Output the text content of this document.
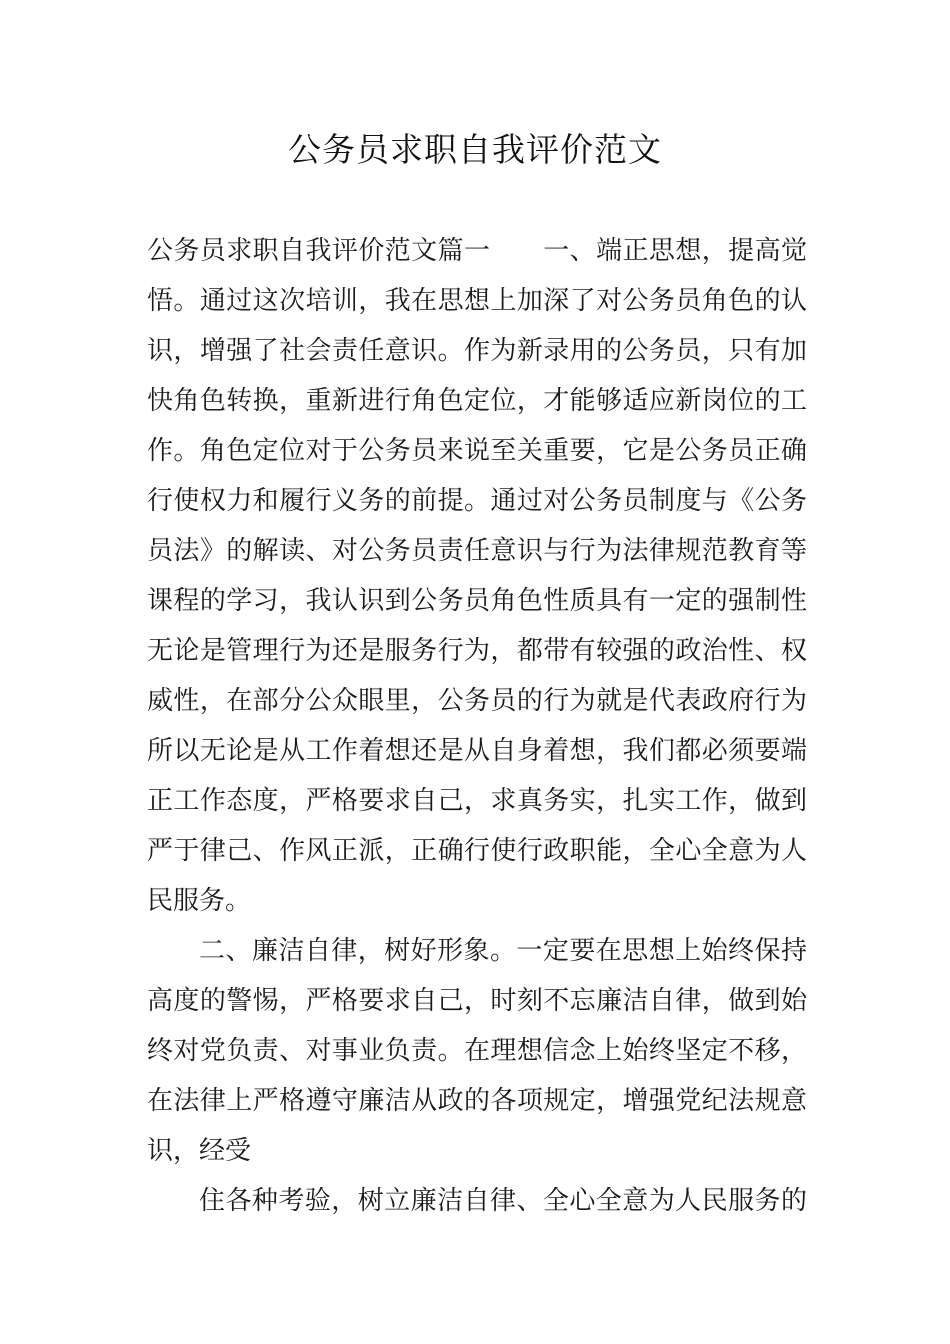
公务员求职自我评价范文
公务员求职自我评价范文篇一　　一、端正思想，提高觉
悟。通过这次培训，我在思想上加深了对公务员角色的认
识，增强了社会责任意识。作为新录用的公务员，只有加
快角色转换，重新进行角色定位，才能够适应新岗位的工
作。角色定位对于公务员来说至关重要，它是公务员正确
行使权力和履行义务的前提。通过对公务员制度与《公务
员法》的解读、对公务员责任意识与行为法律规范教育等
课程的学习，我认识到公务员角色性质具有一定的强制性
无论是管理行为还是服务行为，都带有较强的政治性、权
威性，在部分公众眼里，公务员的行为就是代表政府行为
所以无论是从工作着想还是从自身着想，我们都必须要端
正工作态度，严格要求自己，求真务实，扎实工作，做到
严于律己、作风正派，正确行使行政职能，全心全意为人
民服务。
二、廉洁自律，树好形象。一定要在思想上始终保持
高度的警惕，严格要求自己，时刻不忘廉洁自律，做到始
终对党负责、对事业负责。在理想信念上始终坚定不移，
在法律上严格遵守廉洁从政的各项规定，增强党纪法规意
识，经受
住各种考验，树立廉洁自律、全心全意为人民服务的
